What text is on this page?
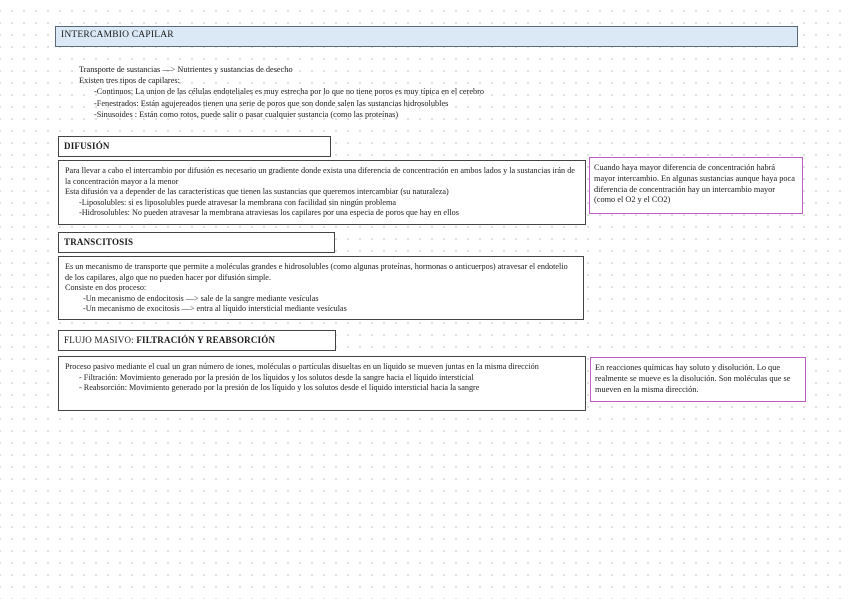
INTERCAMBIO CAPILAR
Transporte de sustancias —> Nutrientes y sustancias de desecho
Existen tres tipos de capilares:
-Continuos: La union de las células endoteliales es muy estrecha por lo que no tiene poros es muy típica en el cerebro
-Fenestrados: Están agujereados tienen una serie de poros que son donde salen las sustancias hidrosolubles
-Sinusoides : Están como rotos, puede salir o pasar cualquier sustancia (como las proteínas)
DIFUSIÓN
Para llevar a cabo el intercambio por difusión es necesario un gradiente donde exista una diferencia de concentración en ambos lados y la sustancias irán de la concentración mayor a la menor
Esta difusión va a depender de las características que tienen las sustancias que queremos intercambiar (su naturaleza)
-Liposolubles: si es liposolubles puede atravesar la membrana con facilidad sin ningún problema
-Hidrosolubles: No pueden atravesar la membrana atraviesas los capilares por una especia de poros que hay en ellos
Cuando haya mayor diferencia de concentración habrá mayor intercambio. En algunas sustancias aunque haya poca diferencia de concentración hay un intercambio mayor (como el O2 y el CO2)
TRANSCITOSIS
Es un mecanismo de transporte que permite a moléculas grandes e hidrosolubles (como algunas proteínas, hormonas o anticuerpos) atravesar el endotelio de los capilares, algo que no pueden hacer por difusión simple.
Consiste en dos proceso:
-Un mecanismo de endocitosis —> sale de la sangre mediante vesículas
-Un mecanismo de exocitosis —> entra al líquido intersticial mediante vesículas
FLUJO MASIVO: FILTRACIÓN Y REABSORCIÓN
Proceso pasivo mediante el cual un gran número de iones, moléculas o partículas disueltas en un líquido se mueven juntas en la misma dirección
- Filtración: Movimiento generado por la presión de los líquidos y los solutos desde la sangre hacia el líquido intersticial
- Reabsorción: Movimiento generado por la presión de los líquido y los solutos desde el líquido intersticial hacia la sangre
En reacciones químicas hay soluto y disolución. Lo que realmente se mueve es la disolución. Son moléculas que se mueven en la misma dirección.
